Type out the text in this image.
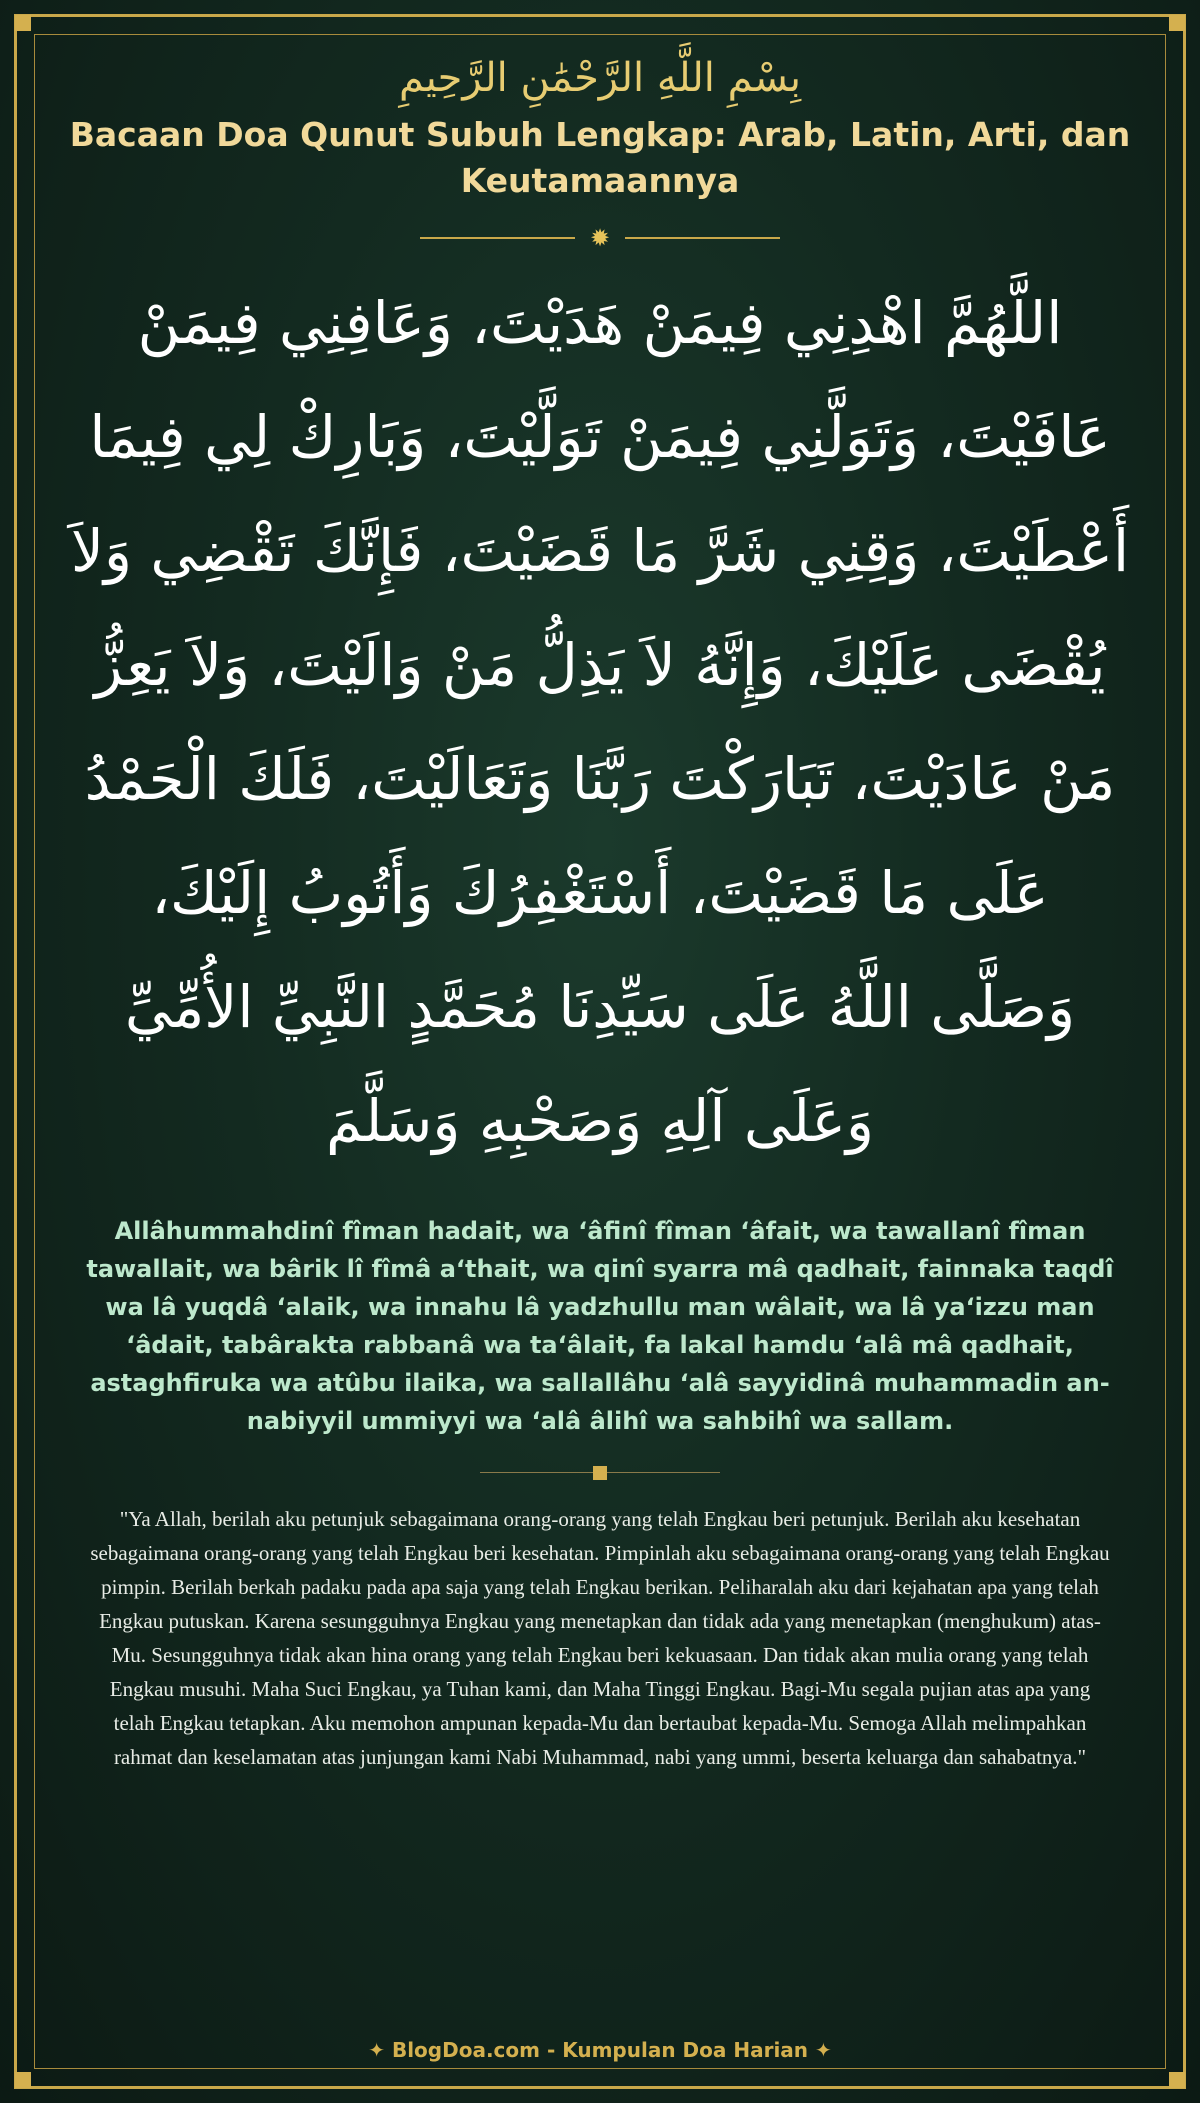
بِسْمِ اللَّهِ الرَّحْمَٰنِ الرَّحِيمِ
Bacaan Doa Qunut Subuh Lengkap: Arab, Latin, Arti, dan Keutamaannya
✹
اللَّهُمَّ اهْدِنِي فِيمَنْ هَدَيْتَ، وَعَافِنِي فِيمَنْ عَافَيْتَ، وَتَوَلَّنِي فِيمَنْ تَوَلَّيْتَ، وَبَارِكْ لِي فِيمَا أَعْطَيْتَ، وَقِنِي شَرَّ مَا قَضَيْتَ، فَإِنَّكَ تَقْضِي وَلاَ يُقْضَى عَلَيْكَ، وَإِنَّهُ لاَ يَذِلُّ مَنْ وَالَيْتَ، وَلاَ يَعِزُّ مَنْ عَادَيْتَ، تَبَارَكْتَ رَبَّنَا وَتَعَالَيْتَ، فَلَكَ الْحَمْدُ عَلَى مَا قَضَيْتَ، أَسْتَغْفِرُكَ وَأَتُوبُ إِلَيْكَ، وَصَلَّى اللَّهُ عَلَى سَيِّدِنَا مُحَمَّدٍ النَّبِيِّ الأُمِّيِّ وَعَلَى آلِهِ وَصَحْبِهِ وَسَلَّمَ
Allâhummahdinî fîman hadait, wa ‘âfinî fîman ‘âfait, wa tawallanî fîman tawallait, wa bârik lî fîmâ a‘thait, wa qinî syarra mâ qadhait, fainnaka taqdî wa lâ yuqdâ ‘alaik, wa innahu lâ yadzhullu man wâlait, wa lâ ya‘izzu man ‘âdait, tabârakta rabbanâ wa ta‘âlait, fa lakal hamdu ‘alâ mâ qadhait, astaghfiruka wa atûbu ilaika, wa sallallâhu ‘alâ sayyidinâ muhammadin an-nabiyyil ummiyyi wa ‘alâ âlihî wa sahbihî wa sallam.
"Ya Allah, berilah aku petunjuk sebagaimana orang-orang yang telah Engkau beri petunjuk. Berilah aku kesehatan sebagaimana orang-orang yang telah Engkau beri kesehatan. Pimpinlah aku sebagaimana orang-orang yang telah Engkau pimpin. Berilah berkah padaku pada apa saja yang telah Engkau berikan. Peliharalah aku dari kejahatan apa yang telah Engkau putuskan. Karena sesungguhnya Engkau yang menetapkan dan tidak ada yang menetapkan (menghukum) atas-Mu. Sesungguhnya tidak akan hina orang yang telah Engkau beri kekuasaan. Dan tidak akan mulia orang yang telah Engkau musuhi. Maha Suci Engkau, ya Tuhan kami, dan Maha Tinggi Engkau. Bagi-Mu segala pujian atas apa yang telah Engkau tetapkan. Aku memohon ampunan kepada-Mu dan bertaubat kepada-Mu. Semoga Allah melimpahkan rahmat dan keselamatan atas junjungan kami Nabi Muhammad, nabi yang ummi, beserta keluarga dan sahabatnya."
✦ BlogDoa.com - Kumpulan Doa Harian ✦
